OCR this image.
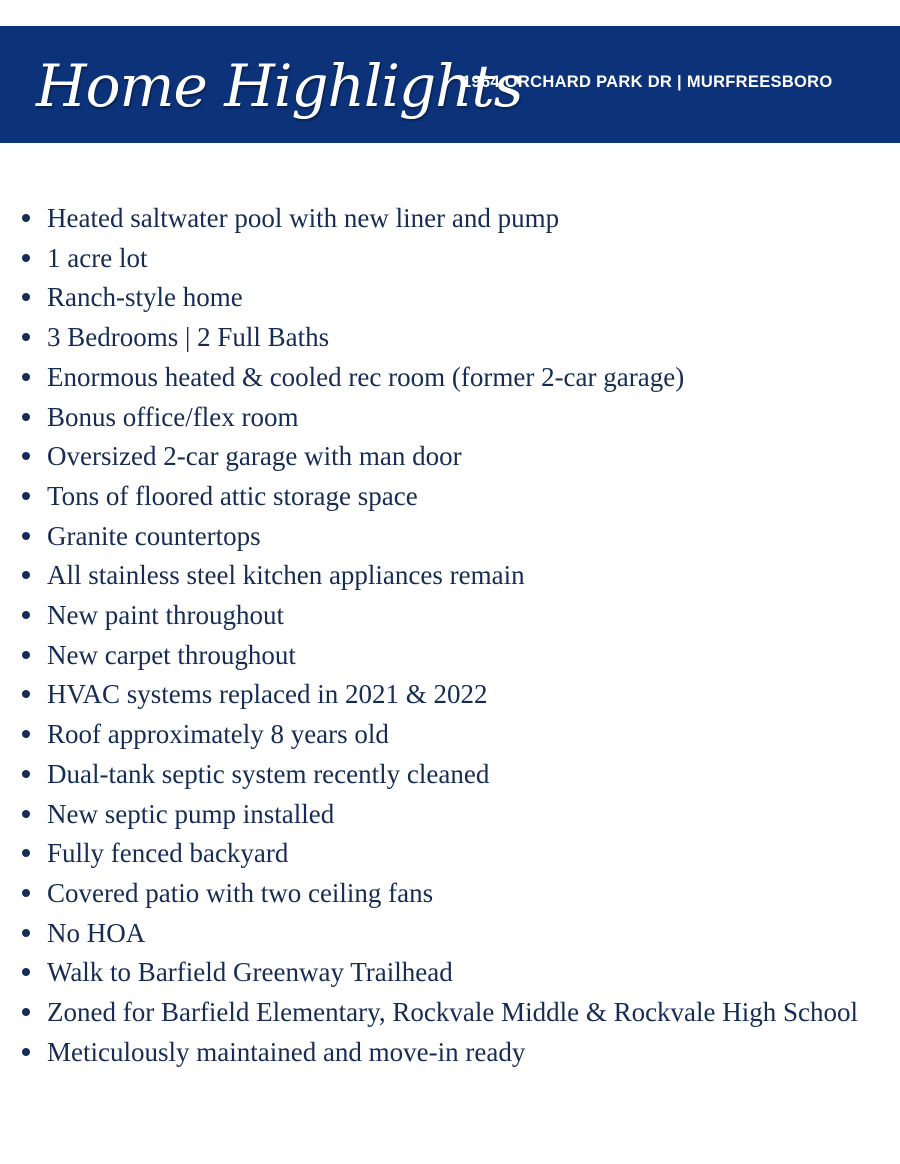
Home Highlights
1964 ORCHARD PARK DR | MURFREESBORO
Heated saltwater pool with new liner and pump
1 acre lot
Ranch-style home
3 Bedrooms | 2 Full Baths
Enormous heated & cooled rec room (former 2-car garage)
Bonus office/flex room
Oversized 2-car garage with man door
Tons of floored attic storage space
Granite countertops
All stainless steel kitchen appliances remain
New paint throughout
New carpet throughout
HVAC systems replaced in 2021 & 2022
Roof approximately 8 years old
Dual-tank septic system recently cleaned
New septic pump installed
Fully fenced backyard
Covered patio with two ceiling fans
No HOA
Walk to Barfield Greenway Trailhead
Zoned for Barfield Elementary, Rockvale Middle & Rockvale High School
Meticulously maintained and move-in ready
